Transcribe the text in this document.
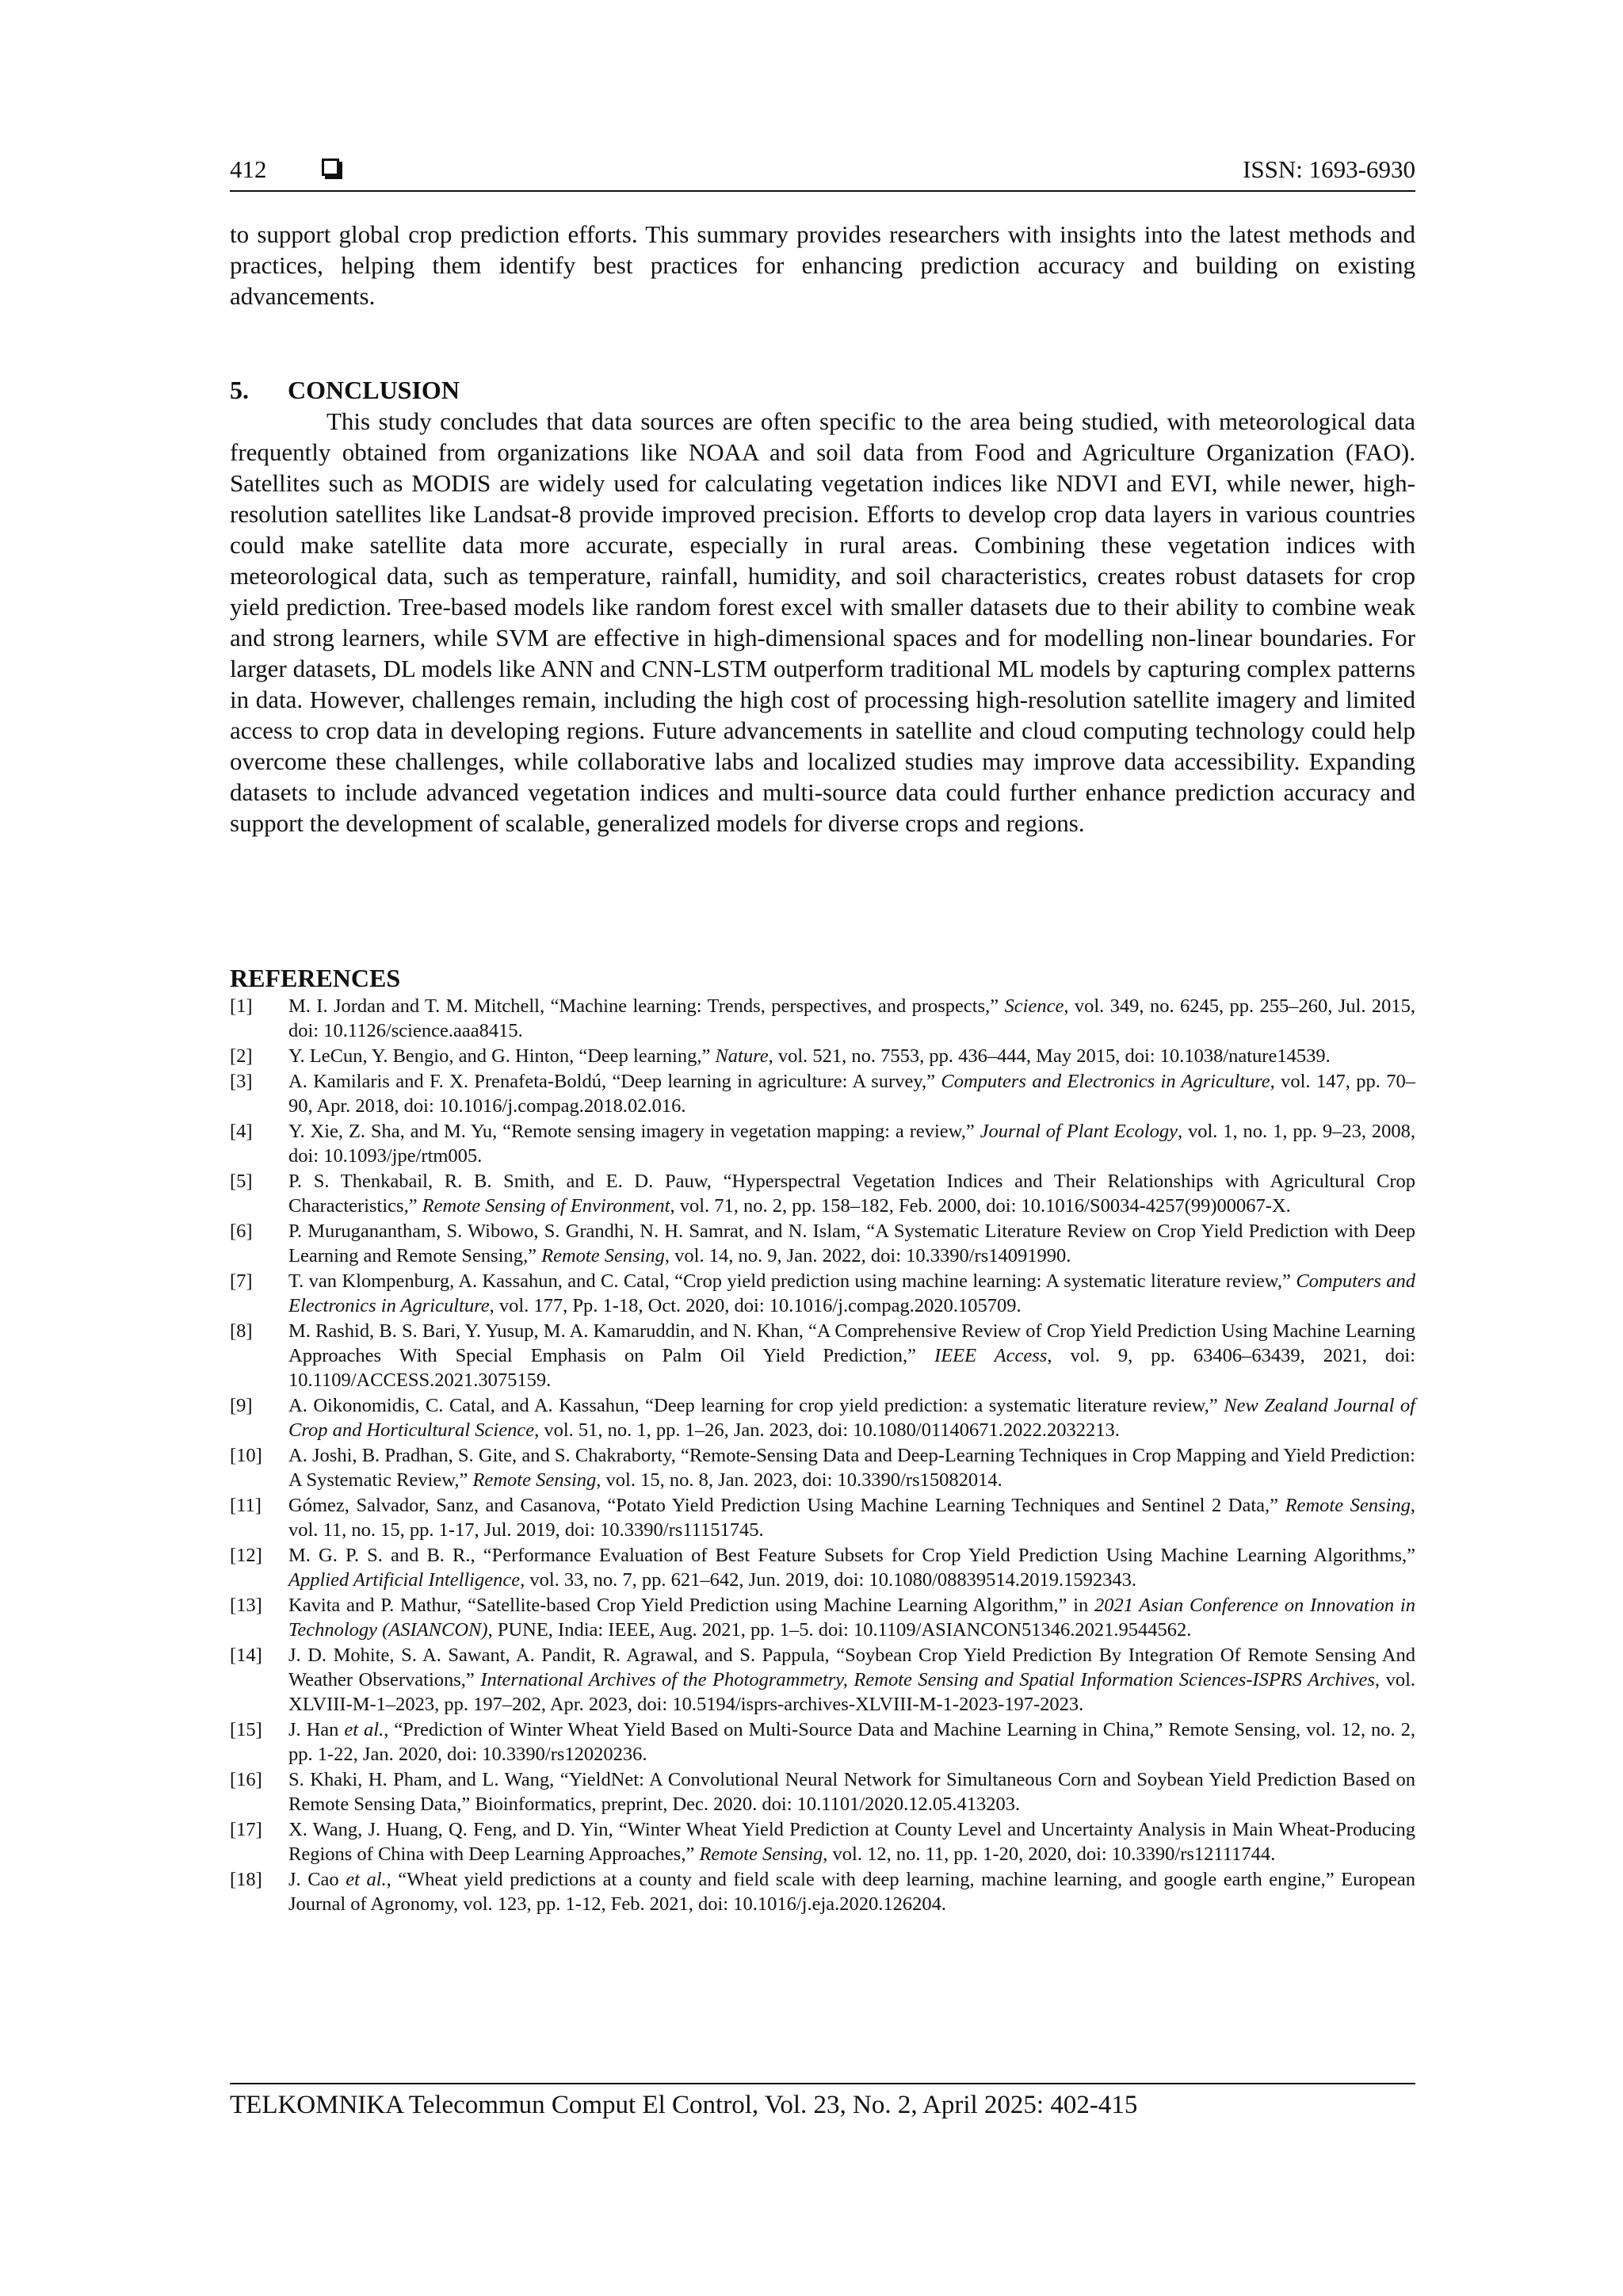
412	ISSN: 1693-6930

to support global crop prediction efforts. This summary provides researchers with insights into the latest methods and practices, helping them identify best practices for enhancing prediction accuracy and building on existing advancements.

5. CONCLUSION

This study concludes that data sources are often specific to the area being studied, with meteorological data frequently obtained from organizations like NOAA and soil data from Food and Agriculture Organization (FAO). Satellites such as MODIS are widely used for calculating vegetation indices like NDVI and EVI, while newer, high-resolution satellites like Landsat-8 provide improved precision. Efforts to develop crop data layers in various countries could make satellite data more accurate, especially in rural areas. Combining these vegetation indices with meteorological data, such as temperature, rainfall, humidity, and soil characteristics, creates robust datasets for crop yield prediction. Tree-based models like random forest excel with smaller datasets due to their ability to combine weak and strong learners, while SVM are effective in high-dimensional spaces and for modelling non-linear boundaries. For larger datasets, DL models like ANN and CNN-LSTM outperform traditional ML models by capturing complex patterns in data. However, challenges remain, including the high cost of processing high-resolution satellite imagery and limited access to crop data in developing regions. Future advancements in satellite and cloud computing technology could help overcome these challenges, while collaborative labs and localized studies may improve data accessibility. Expanding datasets to include advanced vegetation indices and multi-source data could further enhance prediction accuracy and support the development of scalable, generalized models for diverse crops and regions.

REFERENCES
[1] M. I. Jordan and T. M. Mitchell, “Machine learning: Trends, perspectives, and prospects,” Science, vol. 349, no. 6245, pp. 255–260, Jul. 2015, doi: 10.1126/science.aaa8415.
[2] Y. LeCun, Y. Bengio, and G. Hinton, “Deep learning,” Nature, vol. 521, no. 7553, pp. 436–444, May 2015, doi: 10.1038/nature14539.
[3] A. Kamilaris and F. X. Prenafeta-Boldú, “Deep learning in agriculture: A survey,” Computers and Electronics in Agriculture, vol. 147, pp. 70–90, Apr. 2018, doi: 10.1016/j.compag.2018.02.016.
[4] Y. Xie, Z. Sha, and M. Yu, “Remote sensing imagery in vegetation mapping: a review,” Journal of Plant Ecology, vol. 1, no. 1, pp. 9–23, 2008, doi: 10.1093/jpe/rtm005.
[5] P. S. Thenkabail, R. B. Smith, and E. D. Pauw, “Hyperspectral Vegetation Indices and Their Relationships with Agricultural Crop Characteristics,” Remote Sensing of Environment, vol. 71, no. 2, pp. 158–182, Feb. 2000, doi: 10.1016/S0034-4257(99)00067-X.
[6] P. Muruganantham, S. Wibowo, S. Grandhi, N. H. Samrat, and N. Islam, “A Systematic Literature Review on Crop Yield Prediction with Deep Learning and Remote Sensing,” Remote Sensing, vol. 14, no. 9, Jan. 2022, doi: 10.3390/rs14091990.
[7] T. van Klompenburg, A. Kassahun, and C. Catal, “Crop yield prediction using machine learning: A systematic literature review,” Computers and Electronics in Agriculture, vol. 177, Pp. 1-18, Oct. 2020, doi: 10.1016/j.compag.2020.105709.
[8] M. Rashid, B. S. Bari, Y. Yusup, M. A. Kamaruddin, and N. Khan, “A Comprehensive Review of Crop Yield Prediction Using Machine Learning Approaches With Special Emphasis on Palm Oil Yield Prediction,” IEEE Access, vol. 9, pp. 63406–63439, 2021, doi: 10.1109/ACCESS.2021.3075159.
[9] A. Oikonomidis, C. Catal, and A. Kassahun, “Deep learning for crop yield prediction: a systematic literature review,” New Zealand Journal of Crop and Horticultural Science, vol. 51, no. 1, pp. 1–26, Jan. 2023, doi: 10.1080/01140671.2022.2032213.
[10] A. Joshi, B. Pradhan, S. Gite, and S. Chakraborty, “Remote-Sensing Data and Deep-Learning Techniques in Crop Mapping and Yield Prediction: A Systematic Review,” Remote Sensing, vol. 15, no. 8, Jan. 2023, doi: 10.3390/rs15082014.
[11] Gómez, Salvador, Sanz, and Casanova, “Potato Yield Prediction Using Machine Learning Techniques and Sentinel 2 Data,” Remote Sensing, vol. 11, no. 15, pp. 1-17, Jul. 2019, doi: 10.3390/rs11151745.
[12] M. G. P. S. and B. R., “Performance Evaluation of Best Feature Subsets for Crop Yield Prediction Using Machine Learning Algorithms,” Applied Artificial Intelligence, vol. 33, no. 7, pp. 621–642, Jun. 2019, doi: 10.1080/08839514.2019.1592343.
[13] Kavita and P. Mathur, “Satellite-based Crop Yield Prediction using Machine Learning Algorithm,” in 2021 Asian Conference on Innovation in Technology (ASIANCON), PUNE, India: IEEE, Aug. 2021, pp. 1–5. doi: 10.1109/ASIANCON51346.2021.9544562.
[14] J. D. Mohite, S. A. Sawant, A. Pandit, R. Agrawal, and S. Pappula, “Soybean Crop Yield Prediction By Integration Of Remote Sensing And Weather Observations,” International Archives of the Photogrammetry, Remote Sensing and Spatial Information Sciences-ISPRS Archives, vol. XLVIII-M-1–2023, pp. 197–202, Apr. 2023, doi: 10.5194/isprs-archives-XLVIII-M-1-2023-197-2023.
[15] J. Han et al., “Prediction of Winter Wheat Yield Based on Multi-Source Data and Machine Learning in China,” Remote Sensing, vol. 12, no. 2, pp. 1-22, Jan. 2020, doi: 10.3390/rs12020236.
[16] S. Khaki, H. Pham, and L. Wang, “YieldNet: A Convolutional Neural Network for Simultaneous Corn and Soybean Yield Prediction Based on Remote Sensing Data,” Bioinformatics, preprint, Dec. 2020. doi: 10.1101/2020.12.05.413203.
[17] X. Wang, J. Huang, Q. Feng, and D. Yin, “Winter Wheat Yield Prediction at County Level and Uncertainty Analysis in Main Wheat-Producing Regions of China with Deep Learning Approaches,” Remote Sensing, vol. 12, no. 11, pp. 1-20, 2020, doi: 10.3390/rs12111744.
[18] J. Cao et al., “Wheat yield predictions at a county and field scale with deep learning, machine learning, and google earth engine,” European Journal of Agronomy, vol. 123, pp. 1-12, Feb. 2021, doi: 10.1016/j.eja.2020.126204.
TELKOMNIKA Telecommun Comput El Control, Vol. 23, No. 2, April 2025: 402-415
